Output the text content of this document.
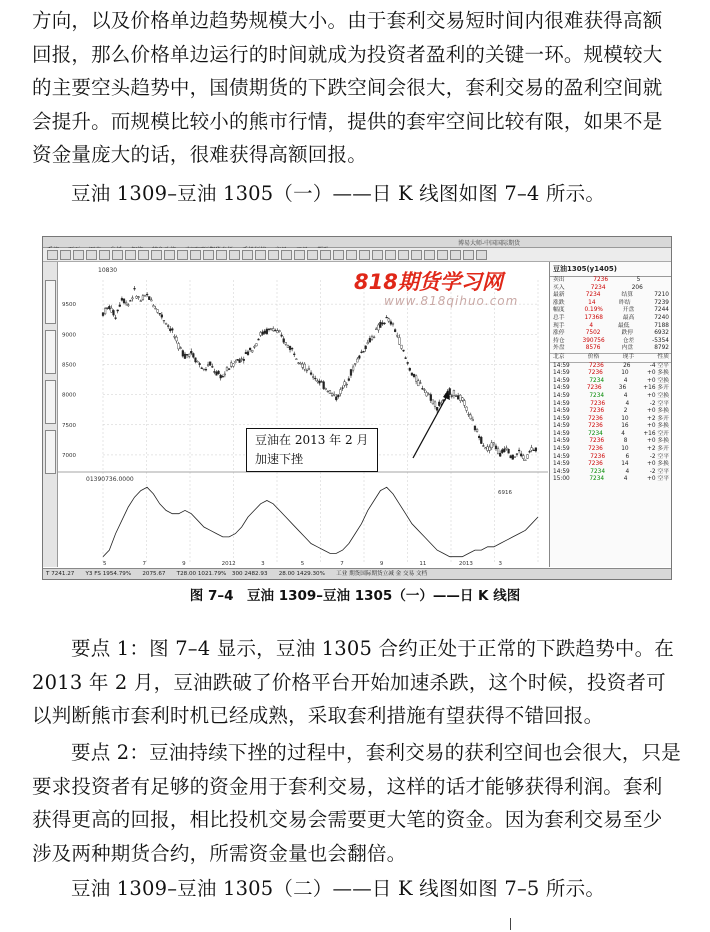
方向，以及价格单边趋势规模大小。由于套利交易短时间内很难获得高额回报，那么价格单边运行的时间就成为投资者盈利的关键一环。规模较大的主要空头趋势中，国债期货的下跌空间会很大，套利交易的盈利空间就会提升。而规模比较小的熊市行情，提供的套牢空间比较有限，如果不是资金量庞大的话，很难获得高额回报。

豆油 1309–豆油 1305（一）——日 K 线图如图 7–4 所示。

博易大师-中国国际期货
9500
9000
8500
8000
7500
7000
5	7	9	2012	3	5	7	9	11	2013	3
10830
01390736.0000
6916
豆油1305(y1405)
卖出	7236	5
买入	7234	206
最新	7234	结算	7210
涨跌	14	昨结	7239
幅度	0.19%	开盘	7244
总手	17368	最高	7240
现手	4	最低	7188
涨停	7502	跌停	6932
持仓	390756	仓差	-5354
外盘	8576	内盘	8792
北京	价格	现手	性质
14:59	7236	26	-4 空平
14:59	7236	10	+0 多换
14:59	7234	4	+0 空换
14:59	7236	36	+16 多开
14:59	7234	4	+0 空换
14:59	7236	4	-2 空平
14:59	7236	2	+0 多换
14:59	7236	10	+2 多开
14:59	7236	16	+0 多换
14:59	7234	4	+16 空开
14:59	7236	8	+0 多换
14:59	7236	10	+2 多开
14:59	7236	6	-2 空平
14:59	7236	14	+0 多换
14:59	7234	4	-2 空平
15:00	7234	4	+0 空平
T 7241.27　　Y3 FS 1954.79%　　2075.67　　T28.00 1021.79%　300 2482.93　　28.00 1429.30%　　工业 期货国际期货立减 金 交易 文档
818期货学习网
www.818qihuo.com
豆油在 2013 年 2 月
加速下挫
图 7–4　豆油 1309–豆油 1305（一）——日 K 线图

要点 1：图 7–4 显示，豆油 1305 合约正处于正常的下跌趋势中。在 2013 年 2 月，豆油跌破了价格平台开始加速杀跌，这个时候，投资者可以判断熊市套利时机已经成熟，采取套利措施有望获得不错回报。

要点 2：豆油持续下挫的过程中，套利交易的获利空间也会很大，只是要求投资者有足够的资金用于套利交易，这样的话才能够获得利润。套利获得更高的回报，相比投机交易会需要更大笔的资金。因为套利交易至少涉及两种期货合约，所需资金量也会翻倍。

豆油 1309–豆油 1305（二）——日 K 线图如图 7–5 所示。
